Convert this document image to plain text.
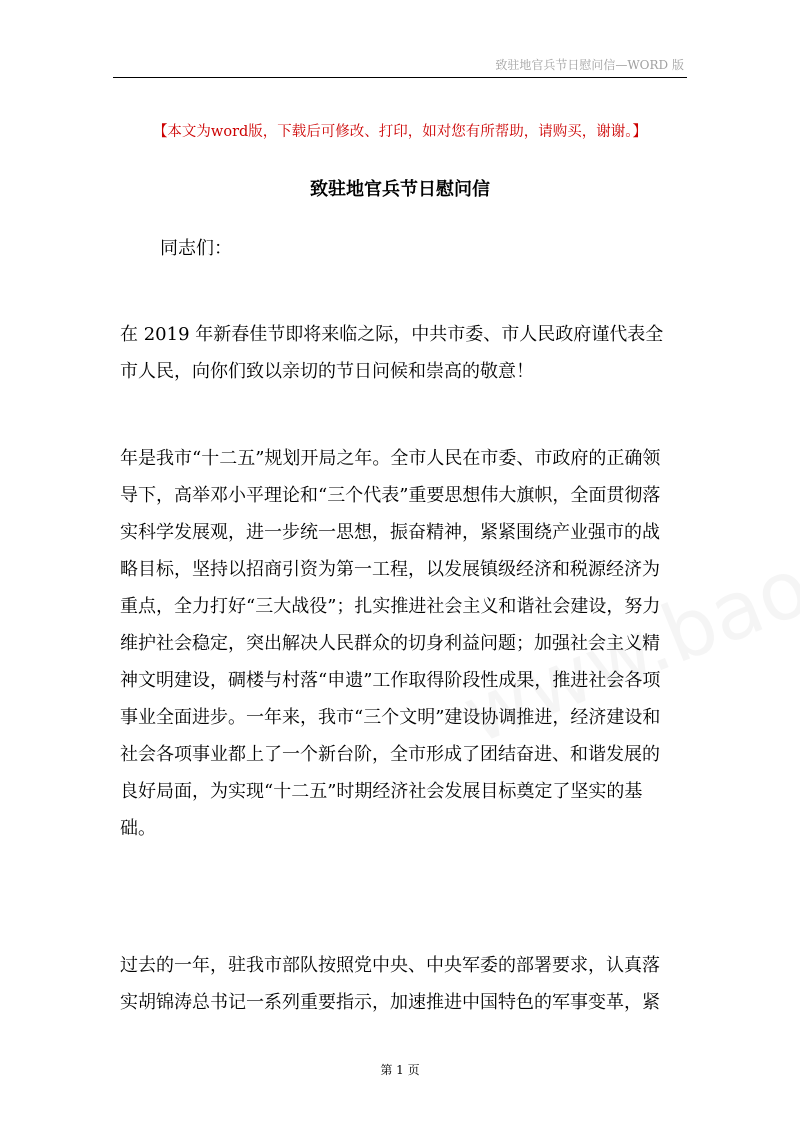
致驻地官兵节日慰问信—WORD 版
【本文为word版，下载后可修改、打印，如对您有所帮助，请购买，谢谢。】
致驻地官兵节日慰问信
同志们：
在 2019 年新春佳节即将来临之际，中共市委、市人民政府谨代表全
市人民，向你们致以亲切的节日问候和崇高的敬意！
年是我市“十二五”规划开局之年。全市人民在市委、市政府的正确领
导下，高举邓小平理论和“三个代表”重要思想伟大旗帜，全面贯彻落
实科学发展观，进一步统一思想，振奋精神，紧紧围绕产业强市的战
略目标，坚持以招商引资为第一工程，以发展镇级经济和税源经济为
重点，全力打好“三大战役”；扎实推进社会主义和谐社会建设，努力
维护社会稳定，突出解决人民群众的切身利益问题；加强社会主义精
神文明建设，碉楼与村落“申遗”工作取得阶段性成果，推进社会各项
事业全面进步。一年来，我市“三个文明”建设协调推进，经济建设和
社会各项事业都上了一个新台阶，全市形成了团结奋进、和谐发展的
良好局面，为实现“十二五”时期经济社会发展目标奠定了坚实的基
础。
过去的一年，驻我市部队按照党中央、中央军委的部署要求，认真落
实胡锦涛总书记一系列重要指示，加速推进中国特色的军事变革，紧
第 1 页
